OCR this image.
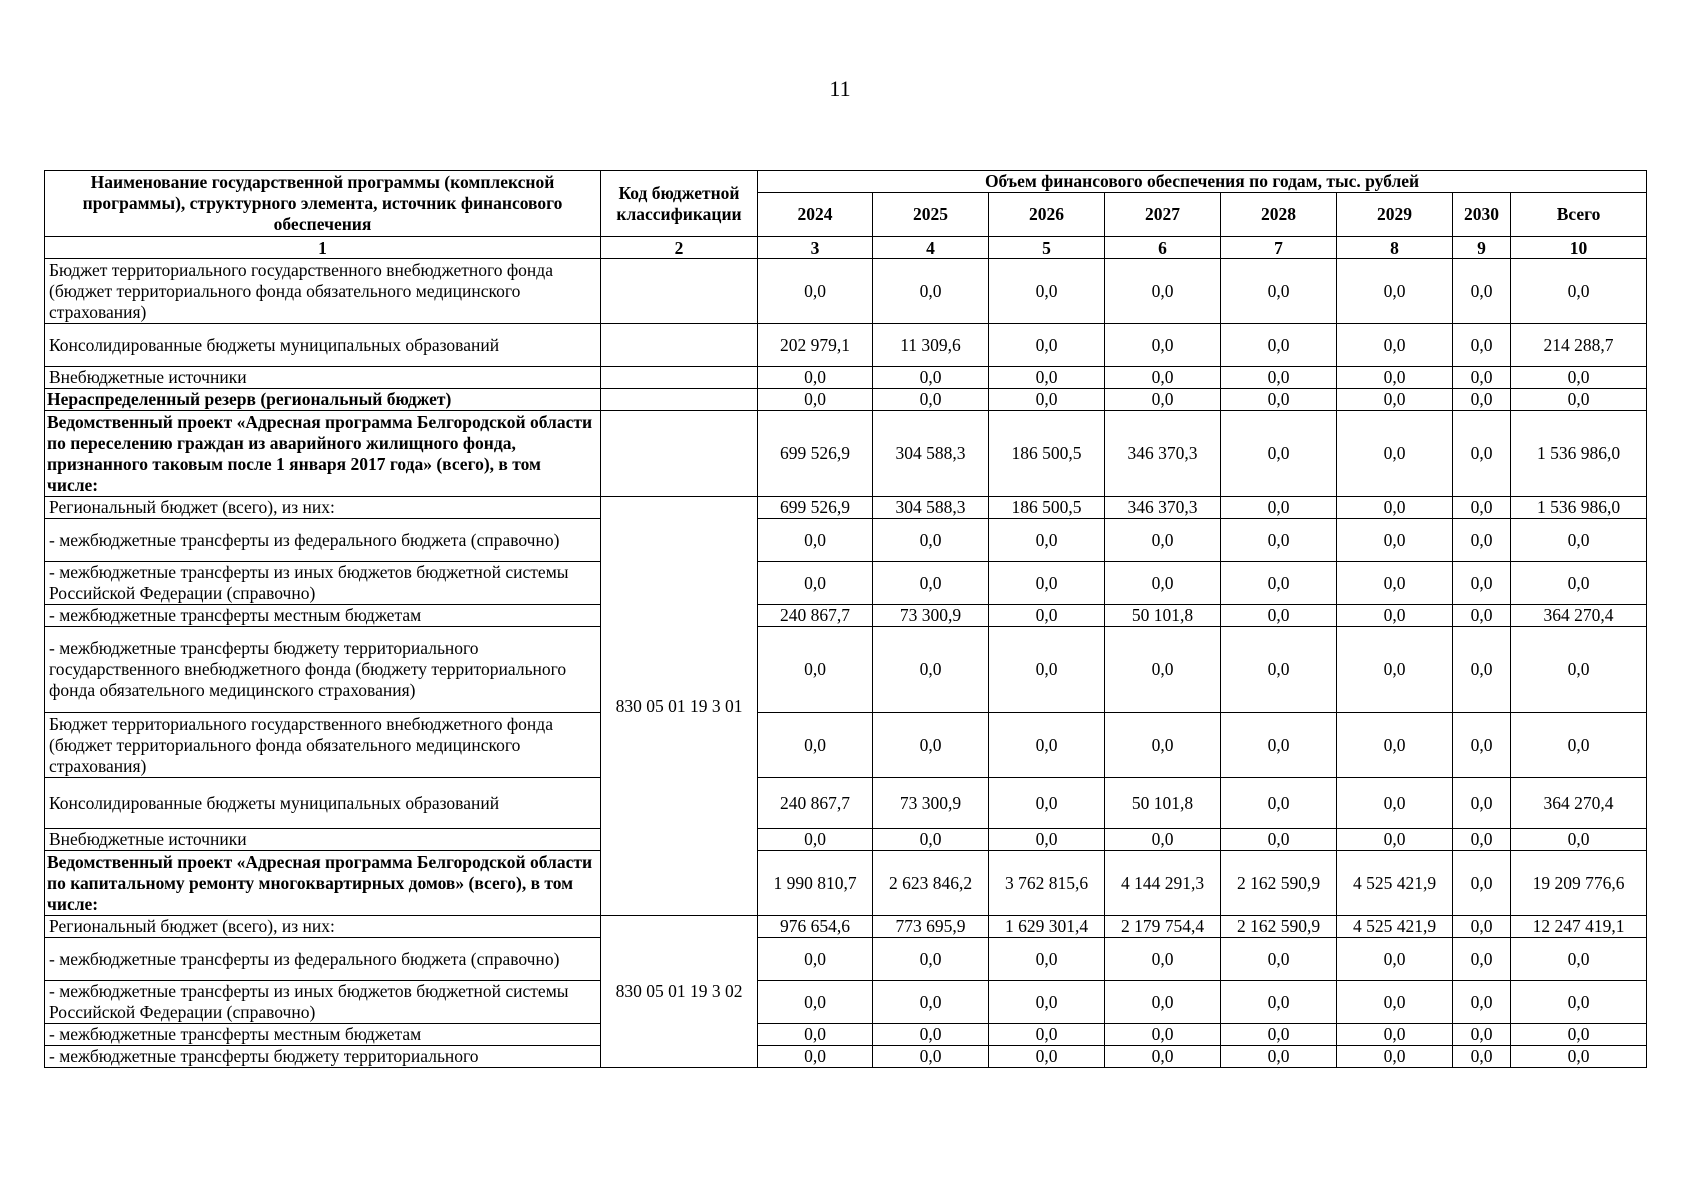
11
Наименование государственной программы (комплексной программы), структурного элемента, источник финансового обеспечения	Код бюджетной классификации	Объем финансового обеспечения по годам, тыс. рублей							
		2024	2025	2026	2027	2028	2029	2030	Всего
1	2	3	4	5	6	7	8	9	10
Бюджет территориального государственного внебюджетного фонда (бюджет территориального фонда обязательного медицинского страхования)		0,0	0,0	0,0	0,0	0,0	0,0	0,0	0,0
Консолидированные бюджеты муниципальных образований		202 979,1	11 309,6	0,0	0,0	0,0	0,0	0,0	214 288,7
Внебюджетные источники		0,0	0,0	0,0	0,0	0,0	0,0	0,0	0,0
Нераспределенный резерв (региональный бюджет)		0,0	0,0	0,0	0,0	0,0	0,0	0,0	0,0
Ведомственный проект «Адресная программа Белгородской области по переселению граждан из аварийного жилищного фонда, признанного таковым после 1 января 2017 года» (всего), в том числе:		699 526,9	304 588,3	186 500,5	346 370,3	0,0	0,0	0,0	1 536 986,0
Региональный бюджет (всего), из них:	830 05 01 19 3 01	699 526,9	304 588,3	186 500,5	346 370,3	0,0	0,0	0,0	1 536 986,0
- межбюджетные трансферты из федерального бюджета (справочно)		0,0	0,0	0,0	0,0	0,0	0,0	0,0	0,0
- межбюджетные трансферты из иных бюджетов бюджетной системы Российской Федерации (справочно)		0,0	0,0	0,0	0,0	0,0	0,0	0,0	0,0
- межбюджетные трансферты местным бюджетам		240 867,7	73 300,9	0,0	50 101,8	0,0	0,0	0,0	364 270,4
- межбюджетные трансферты бюджету территориального государственного внебюджетного фонда (бюджету территориального фонда обязательного медицинского страхования)		0,0	0,0	0,0	0,0	0,0	0,0	0,0	0,0
Бюджет территориального государственного внебюджетного фонда (бюджет территориального фонда обязательного медицинского страхования)		0,0	0,0	0,0	0,0	0,0	0,0	0,0	0,0
Консолидированные бюджеты муниципальных образований		240 867,7	73 300,9	0,0	50 101,8	0,0	0,0	0,0	364 270,4
Внебюджетные источники		0,0	0,0	0,0	0,0	0,0	0,0	0,0	0,0
Ведомственный проект «Адресная программа Белгородской области по капитальному ремонту многоквартирных домов» (всего), в том числе:		1 990 810,7	2 623 846,2	3 762 815,6	4 144 291,3	2 162 590,9	4 525 421,9	0,0	19 209 776,6
Региональный бюджет (всего), из них:	830 05 01 19 3 02	976 654,6	773 695,9	1 629 301,4	2 179 754,4	2 162 590,9	4 525 421,9	0,0	12 247 419,1
- межбюджетные трансферты из федерального бюджета (справочно)		0,0	0,0	0,0	0,0	0,0	0,0	0,0	0,0
- межбюджетные трансферты из иных бюджетов бюджетной системы Российской Федерации (справочно)		0,0	0,0	0,0	0,0	0,0	0,0	0,0	0,0
- межбюджетные трансферты местным бюджетам		0,0	0,0	0,0	0,0	0,0	0,0	0,0	0,0
- межбюджетные трансферты бюджету территориального		0,0	0,0	0,0	0,0	0,0	0,0	0,0	0,0
